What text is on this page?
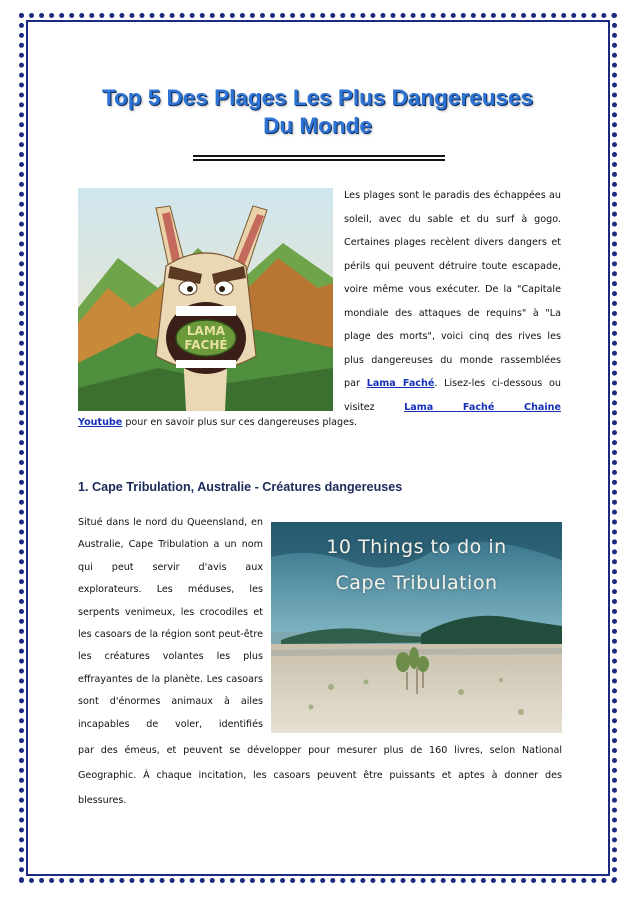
Top 5 Des Plages Les Plus Dangereuses
Du Monde
LAMA
FACHÉ

Les plages sont le paradis des échappées au soleil, avec du sable et du surf à gogo. Certaines plages recèlent divers dangers et périls qui peuvent détruire toute escapade, voire même vous exécuter. De la "Capitale mondiale des attaques de requins" à "La plage des morts", voici cinq des rives les plus dangereuses du monde rassemblées par Lama Faché. Lisez-les ci-dessous ou visitez Lama Faché Chaine

Youtube pour en savoir plus sur ces dangereuses plages.

1. Cape Tribulation, Australie - Créatures dangereuses

Situé dans le nord du Queensland, en Australie, Cape Tribulation a un nom qui peut servir d'avis aux explorateurs. Les méduses, les serpents venimeux, les crocodiles et les casoars de la région sont peut-être les créatures volantes les plus effrayantes de la planète. Les casoars sont d'énormes animaux à ailes incapables de voler, identifiés

10 Things to do in

Cape Tribulation

par des émeus, et peuvent se développer pour mesurer plus de 160 livres, selon National Geographic. À chaque incitation, les casoars peuvent être puissants et aptes à donner des blessures.
